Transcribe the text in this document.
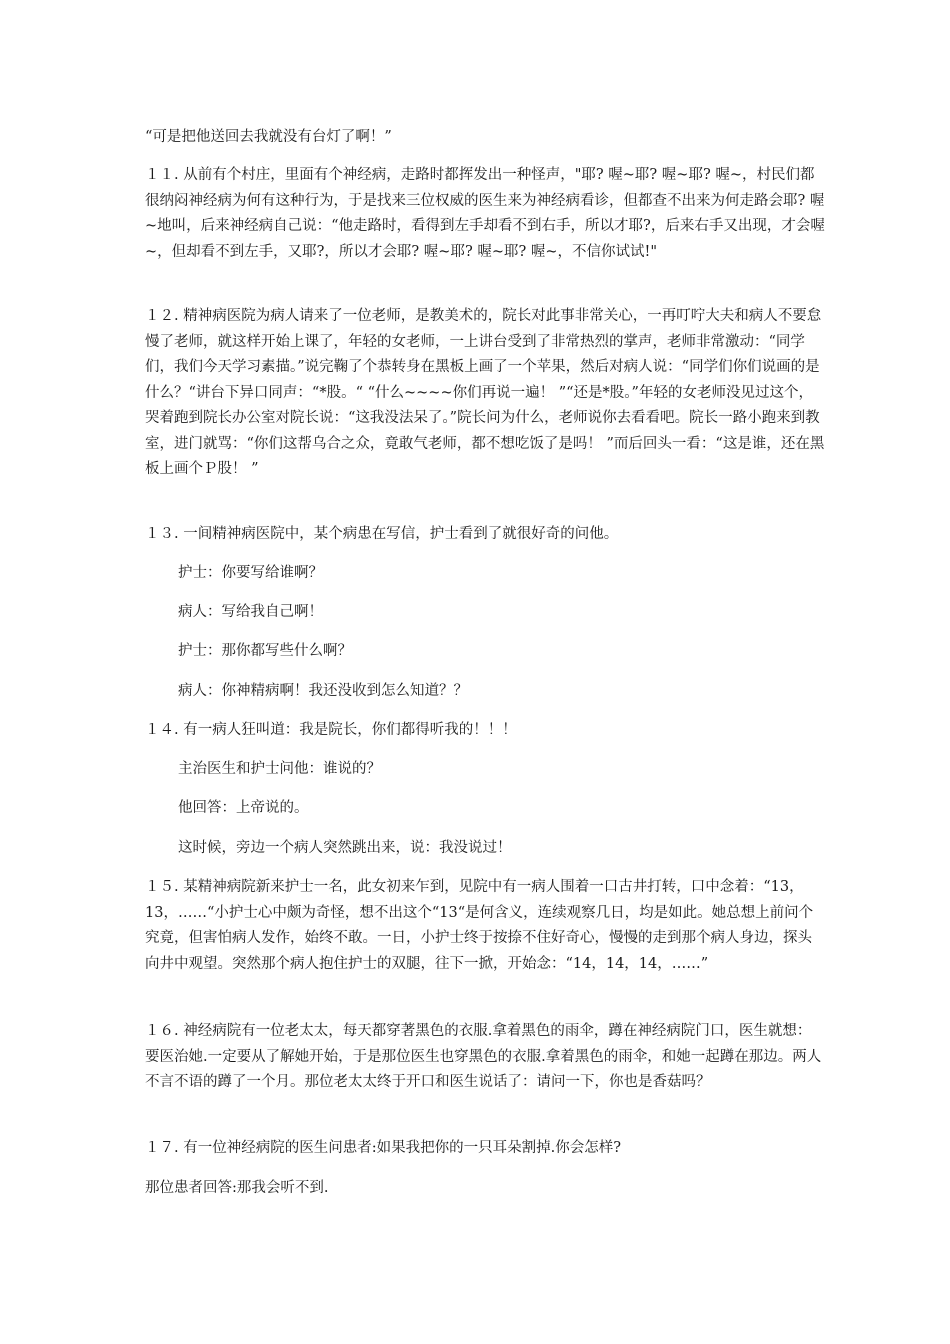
“可是把他送回去我就没有台灯了啊！”

１１. 从前有个村庄，里面有个神经病，走路时都挥发出一种怪声，"耶? 喔~耶? 喔~耶? 喔~，村民们都很纳闷神经病为何有这种行为，于是找来三位权威的医生来为神经病看诊，但都查不出来为何走路会耶? 喔~地叫，后来神经病自己说：“他走路时，看得到左手却看不到右手，所以才耶?，后来右手又出现，才会喔~，但却看不到左手，又耶?，所以才会耶? 喔~耶? 喔~耶? 喔~，不信你试试!"

１２. 精神病医院为病人请来了一位老师，是教美术的，院长对此事非常关心，一再叮咛大夫和病人不要怠慢了老师，就这样开始上课了，年轻的女老师，一上讲台受到了非常热烈的掌声，老师非常激动：“同学们，我们今天学习素描。”说完鞠了个恭转身在黑板上画了一个苹果，然后对病人说：“同学们你们说画的是什么？“讲台下异口同声：“*股。“ “什么~~~~你们再说一遍！ ”“还是*股。”年轻的女老师没见过这个，哭着跑到院长办公室对院长说：“这我没法呆了。”院长问为什么，老师说你去看看吧。院长一路小跑来到教室，进门就骂：“你们这帮乌合之众，竟敢气老师，都不想吃饭了是吗！ ”而后回头一看：“这是谁，还在黑板上画个Ｐ股！ ”

１３. 一间精神病医院中，某个病患在写信，护士看到了就很好奇的问他。

护士：你要写给谁啊？

病人：写给我自己啊！

护士：那你都写些什么啊？

病人：你神精病啊！我还没收到怎么知道？？

１４. 有一病人狂叫道：我是院长，你们都得听我的！！！

主治医生和护士问他：谁说的？

他回答：上帝说的。

这时候，旁边一个病人突然跳出来，说：我没说过！

１５. 某精神病院新来护士一名，此女初来乍到，见院中有一病人围着一口古井打转，口中念着：“13，13，……“小护士心中颇为奇怪，想不出这个“13“是何含义，连续观察几日，均是如此。她总想上前问个究竟，但害怕病人发作，始终不敢。一日，小护士终于按捺不住好奇心，慢慢的走到那个病人身边，探头向井中观望。突然那个病人抱住护士的双腿，往下一掀，开始念：“14，14，14，……”

１６. 神经病院有一位老太太，每天都穿著黑色的衣服.拿着黑色的雨伞，蹲在神经病院门口，医生就想：要医治她.一定要从了解她开始，于是那位医生也穿黑色的衣服.拿着黑色的雨伞，和她一起蹲在那边。两人不言不语的蹲了一个月。那位老太太终于开口和医生说话了：请问一下，你也是香菇吗？

１７. 有一位神经病院的医生问患者:如果我把你的一只耳朵割掉.你会怎样?

那位患者回答:那我会听不到.
